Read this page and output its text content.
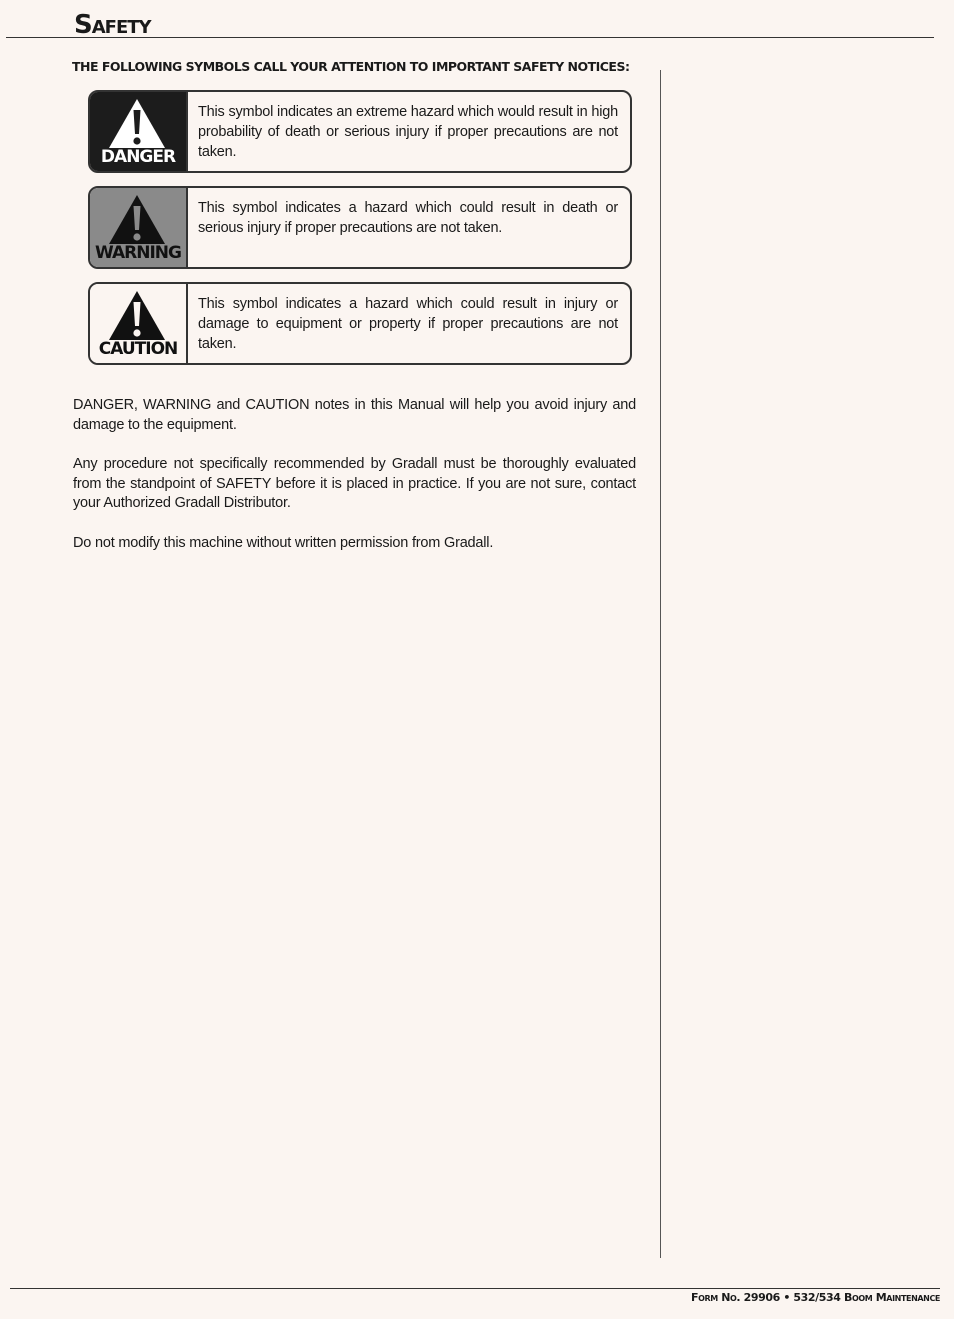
Safety

THE FOLLOWING SYMBOLS CALL YOUR ATTENTION TO IMPORTANT SAFETY NOTICES:

DANGER
This symbol indicates an extreme hazard which would result in high probability of death or serious injury if proper precautions are not taken.
WARNING
This symbol indicates a hazard which could result in death or serious injury if proper precautions are not taken.
CAUTION
This symbol indicates a hazard which could result in injury or damage to equipment or property if proper precautions are not taken.

DANGER, WARNING and CAUTION notes in this Manual will help you avoid injury and damage to the equipment.

Any procedure not specifically recommended by Gradall must be thoroughly evaluated from the standpoint of SAFETY before it is placed in practice. If you are not sure, contact your Authorized Gradall Distributor.

Do not modify this machine without written permission from Gradall.

Form No. 29906 • 532/534 Boom Maintenance
